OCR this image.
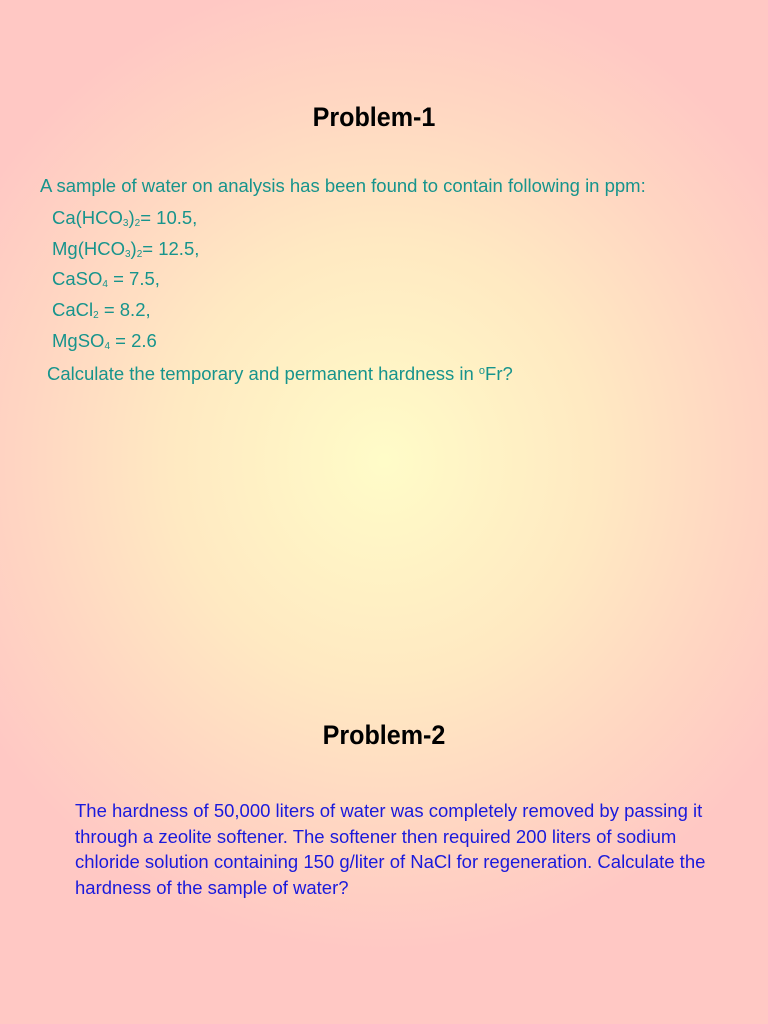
Problem-1

A sample of water on analysis has been found to contain following in ppm:

$Ca(HCO_3)_2= 10.5$,
$Mg(HCO_3)_2= 12.5$,
CaSO$_4$ = 7.5,
CaCl$_2$ = 8.2,
MgSO$_4$ = 2.6

Calculate the temporary and permanent hardness in $^o$Fr?

Problem-2

The hardness of 50,000 liters of water was completely removed by passing it through a zeolite softener. The softener then required 200 liters of sodium chloride solution containing 150 g/liter of NaCl for regeneration. Calculate the hardness of the sample of water?
